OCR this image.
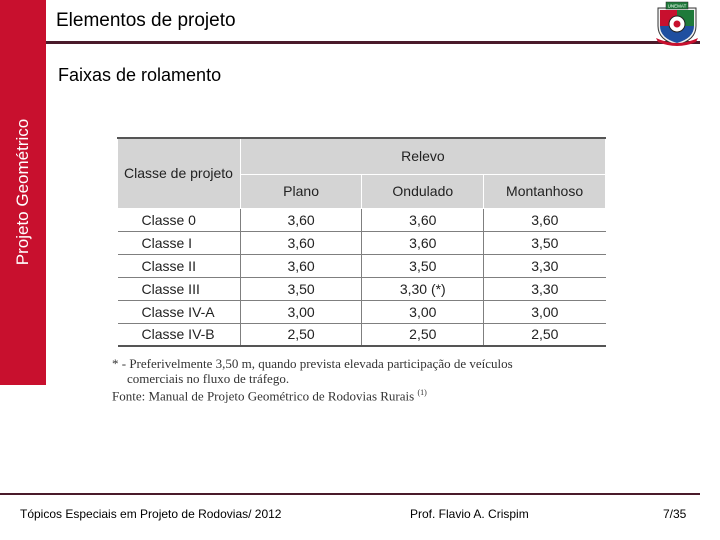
Projeto Geométrico
Elementos de projeto
UNEMAT
Faixas de rolamento
Classe de projeto	Relevo		
	Plano	Ondulado	Montanhoso
Classe 0	3,60	3,60	3,60
Classe I	3,60	3,60	3,50
Classe II	3,60	3,50	3,30
Classe III	3,50	3,30 (*)	3,30
Classe IV-A	3,00	3,00	3,00
Classe IV-B	2,50	2,50	2,50
* - Preferivelmente 3,50 m, quando prevista elevada participação de veículos
comerciais no fluxo de tráfego.
Fonte: Manual de Projeto Geométrico de Rodovias Rurais $^{(1)}$
Tópicos Especiais em Projeto de Rodovias/ 2012	Prof. Flavio A. Crispim	7/35
